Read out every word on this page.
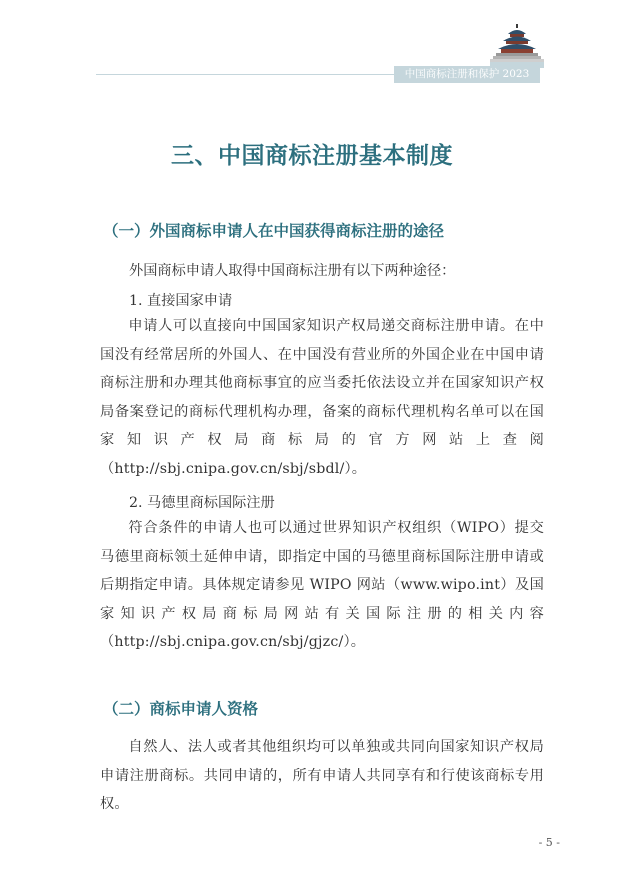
中国商标注册和保护 2023
三、中国商标注册基本制度
（一）外国商标申请人在中国获得商标注册的途径
外国商标申请人取得中国商标注册有以下两种途径：
1. 直接国家申请
申请人可以直接向中国国家知识产权局递交商标注册申请。在中国没有经常居所的外国人、在中国没有营业所的外国企业在中国申请商标注册和办理其他商标事宜的应当委托依法设立并在国家知识产权局备案登记的商标代理机构办理，备案的商标代理机构名单可以在国家知识产权局商标局的官方网站上查阅（http://sbj.cnipa.gov.cn/sbj/sbdl/）。
2. 马德里商标国际注册
符合条件的申请人也可以通过世界知识产权组织（WIPO）提交马德里商标领土延伸申请，即指定中国的马德里商标国际注册申请或后期指定申请。具体规定请参见 WIPO 网站（www.wipo.int）及国家知识产权局商标局网站有关国际注册的相关内容（http://sbj.cnipa.gov.cn/sbj/gjzc/）。
（二）商标申请人资格
自然人、法人或者其他组织均可以单独或共同向国家知识产权局申请注册商标。共同申请的，所有申请人共同享有和行使该商标专用权。
- 5 -
